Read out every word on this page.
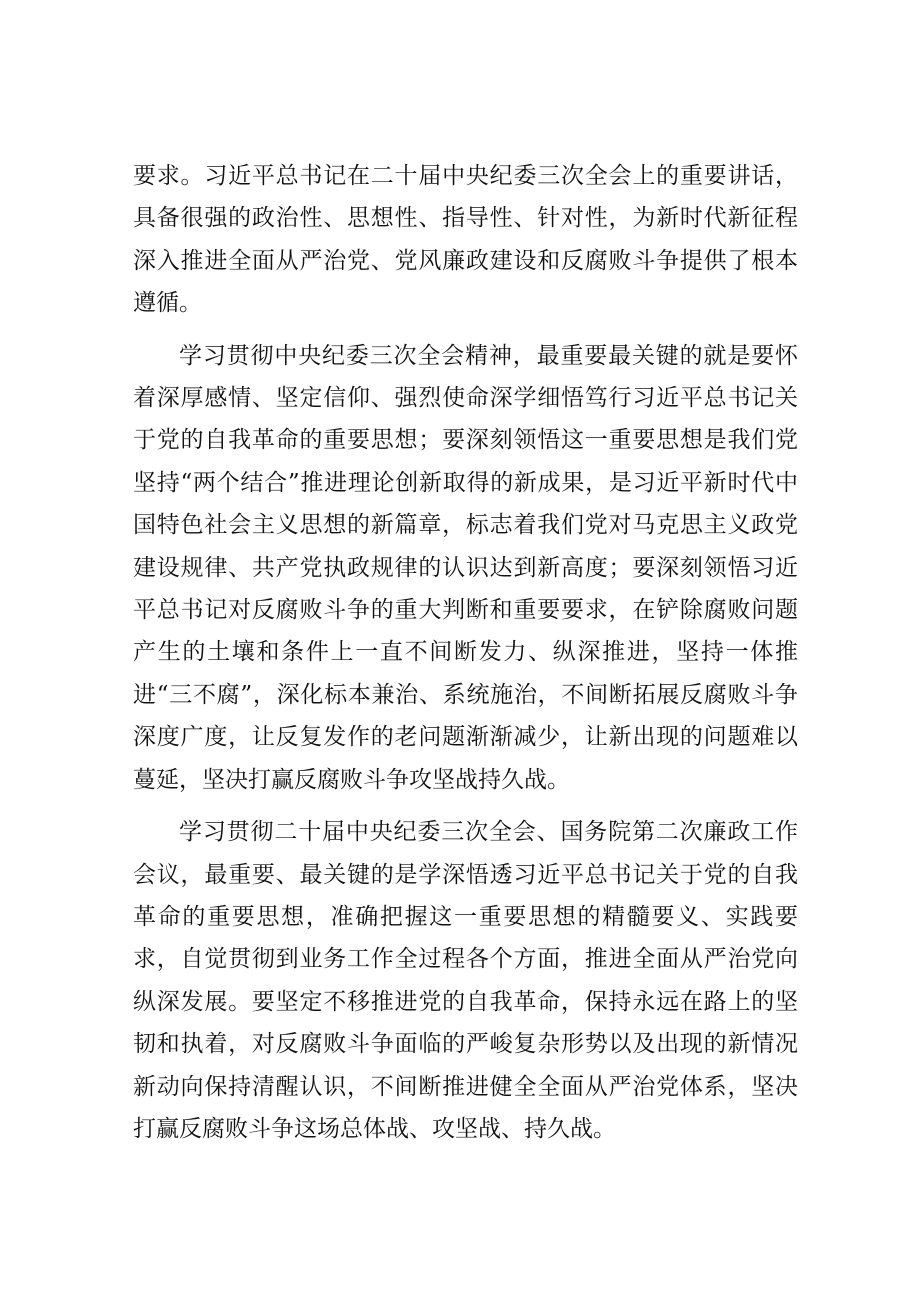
要求。习近平总书记在二十届中央纪委三次全会上的重要讲话，具备很强的政治性、思想性、指导性、针对性，为新时代新征程深入推进全面从严治党、党风廉政建设和反腐败斗争提供了根本遵循。

学习贯彻中央纪委三次全会精神，最重要最关键的就是要怀着深厚感情、坚定信仰、强烈使命深学细悟笃行习近平总书记关于党的自我革命的重要思想；要深刻领悟这一重要思想是我们党坚持“两个结合”推进理论创新取得的新成果，是习近平新时代中国特色社会主义思想的新篇章，标志着我们党对马克思主义政党建设规律、共产党执政规律的认识达到新高度；要深刻领悟习近平总书记对反腐败斗争的重大判断和重要要求，在铲除腐败问题产生的土壤和条件上一直不间断发力、纵深推进，坚持一体推进“三不腐”，深化标本兼治、系统施治，不间断拓展反腐败斗争深度广度，让反复发作的老问题渐渐减少，让新出现的问题难以蔓延，坚决打赢反腐败斗争攻坚战持久战。

学习贯彻二十届中央纪委三次全会、国务院第二次廉政工作会议，最重要、最关键的是学深悟透习近平总书记关于党的自我革命的重要思想，准确把握这一重要思想的精髓要义、实践要求，自觉贯彻到业务工作全过程各个方面，推进全面从严治党向纵深发展。要坚定不移推进党的自我革命，保持永远在路上的坚韧和执着，对反腐败斗争面临的严峻复杂形势以及出现的新情况新动向保持清醒认识，不间断推进健全全面从严治党体系，坚决打赢反腐败斗争这场总体战、攻坚战、持久战。
